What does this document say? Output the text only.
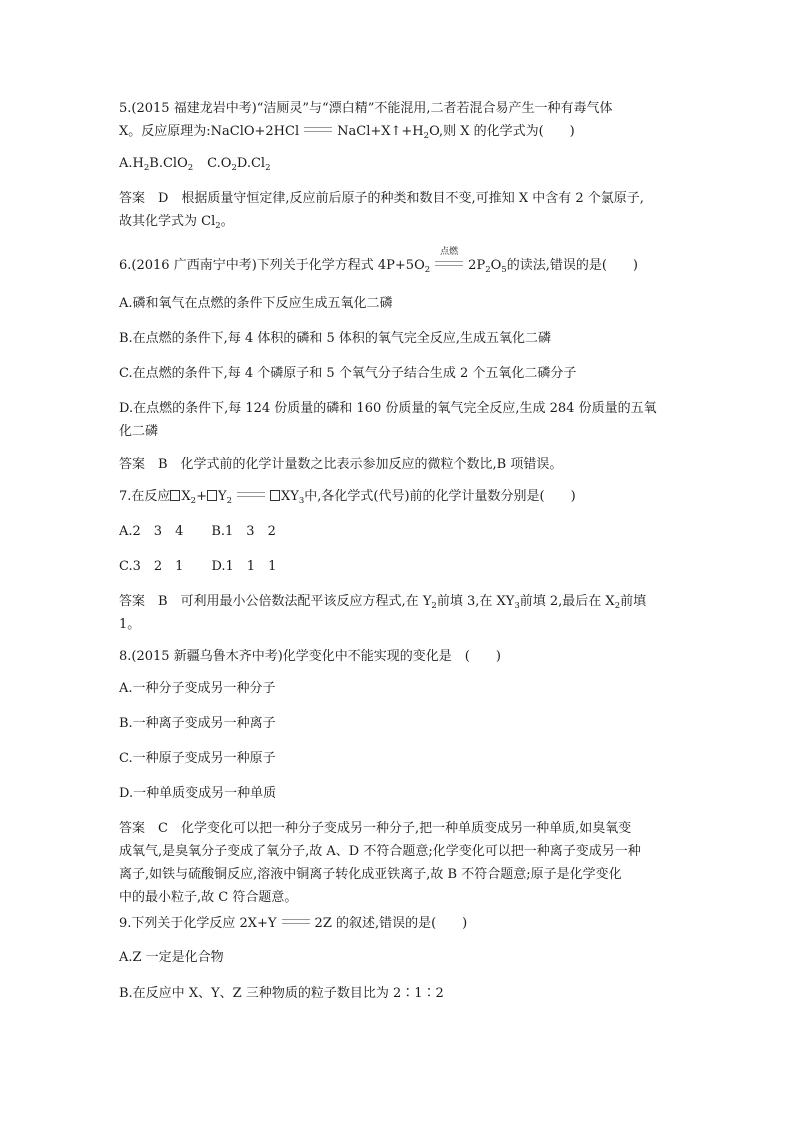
5.(2015 福建龙岩中考)“洁厕灵”与“漂白精”不能混用,二者若混合易产生一种有毒气体
X。反应原理为:NaClO+2HCl	$NaCl+X↑+H_2O$,则 X 的化学式为(　　)
$A.H_2B.ClO_2$ $C.O_2D.Cl_2$
答案　D　根据质量守恒定律,反应前后原子的种类和数目不变,可推知 X 中含有 2 个氯原子,
故其化学式为 $Cl_2$。
6.(2016 广西南宁中考)下列关于化学方程式 $4P+5O_2$
点燃
$2P_2O_5$的读法,错误的是(　　)
A.磷和氧气在点燃的条件下反应生成五氧化二磷
B.在点燃的条件下,每 4 体积的磷和 5 体积的氧气完全反应,生成五氧化二磷
C.在点燃的条件下,每 4 个磷原子和 5 个氧气分子结合生成 2 个五氧化二磷分子
D.在点燃的条件下,每 124 份质量的磷和 160 份质量的氧气完全反应,生成 284 份质量的五氧
化二磷
答案　B　化学式前的化学计量数之比表示参加反应的微粒个数比,B 项错误。
7.在反应 $X_2+ Y_2$	$XY_3$中,各化学式(代号)前的化学计量数分别是(　　)
A.2　3　4 B.1　3　2
C.3　2　1 D.1　1　1
答案　B　可利用最小公倍数法配平该反应方程式,在 $Y_2$前填 3,在 $XY_3$前填 2,最后在 $X_2$前填
1。
8.(2015 新疆乌鲁木齐中考)化学变化中不能实现的变化是　(　　)
A.一种分子变成另一种分子
B.一种离子变成另一种离子
C.一种原子变成另一种原子
D.一种单质变成另一种单质
答案　C　化学变化可以把一种分子变成另一种分子,把一种单质变成另一种单质,如臭氧变
成氧气,是臭氧分子变成了氧分子,故 A、D 不符合题意;化学变化可以把一种离子变成另一种
离子,如铁与硫酸铜反应,溶液中铜离子转化成亚铁离子,故 B 不符合题意;原子是化学变化
中的最小粒子,故 C 符合题意。
9.下列关于化学反应 2X+Y	2Z 的叙述,错误的是(　　)
A.Z 一定是化合物
B.在反应中 X、Y、Z 三种物质的粒子数目比为 2∶1∶2
